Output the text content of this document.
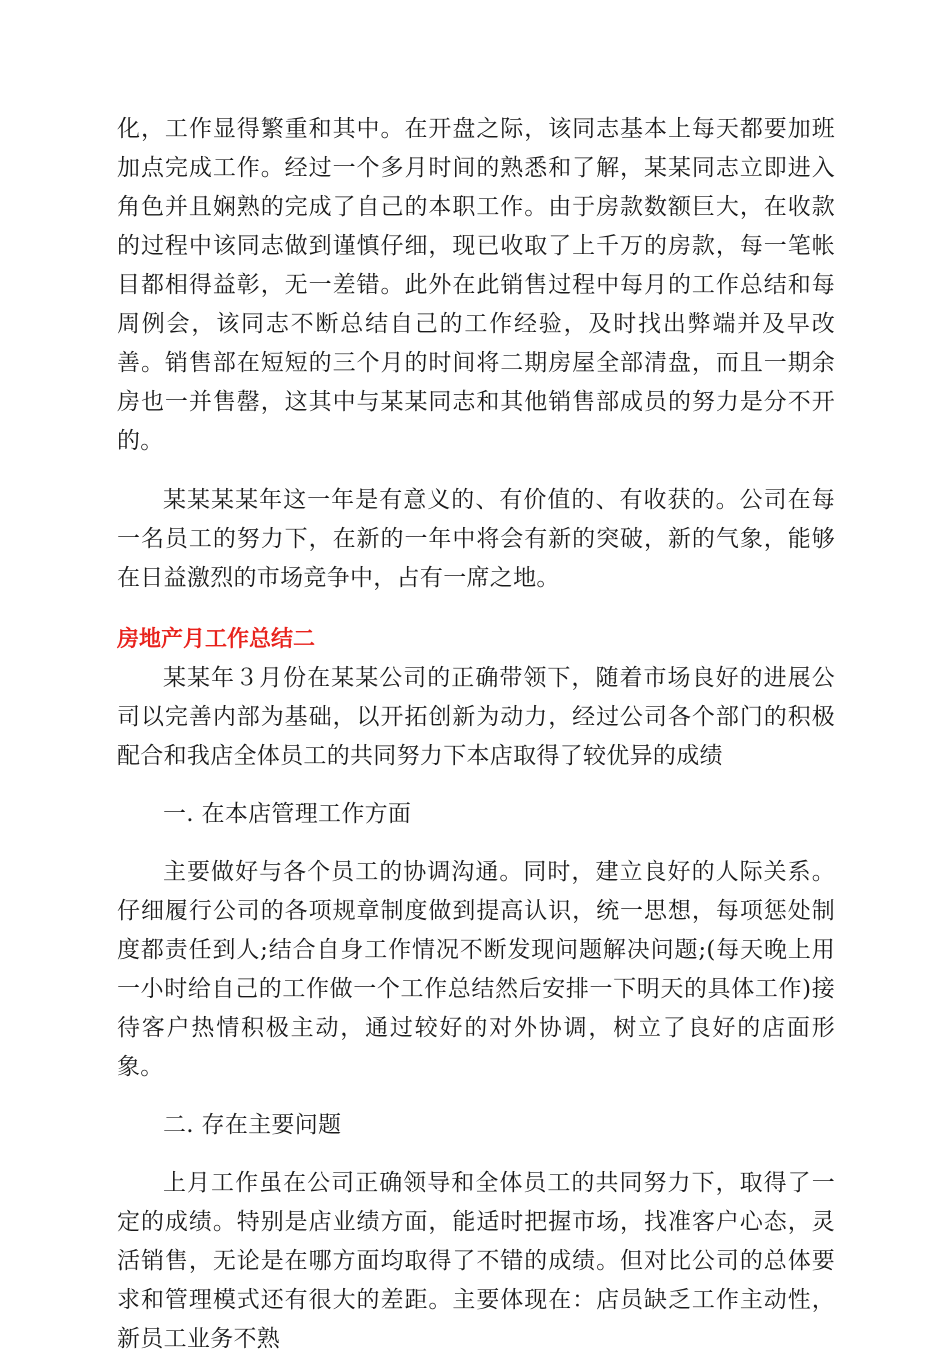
化，工作显得繁重和其中。在开盘之际，该同志基本上每天都要加班加点完成工作。经过一个多月时间的熟悉和了解，某某同志立即进入角色并且娴熟的完成了自己的本职工作。由于房款数额巨大，在收款的过程中该同志做到谨慎仔细，现已收取了上千万的房款，每一笔帐目都相得益彰，无一差错。此外在此销售过程中每月的工作总结和每周例会，该同志不断总结自己的工作经验，及时找出弊端并及早改善。销售部在短短的三个月的时间将二期房屋全部清盘，而且一期余房也一并售罄，这其中与某某同志和其他销售部成员的努力是分不开的。

某某某某年这一年是有意义的、有价值的、有收获的。公司在每一名员工的努力下，在新的一年中将会有新的突破，新的气象，能够在日益激烈的市场竞争中，占有一席之地。

房地产月工作总结二

某某年３月份在某某公司的正确带领下，随着市场良好的进展公司以完善内部为基础，以开拓创新为动力，经过公司各个部门的积极配合和我店全体员工的共同努力下本店取得了较优异的成绩

一. 在本店管理工作方面

主要做好与各个员工的协调沟通。同时，建立良好的人际关系。仔细履行公司的各项规章制度做到提高认识，统一思想，每项惩处制度都责任到人;结合自身工作情况不断发现问题解决问题;(每天晚上用一小时给自己的工作做一个工作总结然后安排一下明天的具体工作)接待客户热情积极主动，通过较好的对外协调，树立了良好的店面形象。

二. 存在主要问题

上月工作虽在公司正确领导和全体员工的共同努力下，取得了一定的成绩。特别是店业绩方面，能适时把握市场，找准客户心态，灵活销售，无论是在哪方面均取得了不错的成绩。但对比公司的总体要求和管理模式还有很大的差距。主要体现在：店员缺乏工作主动性，新员工业务不熟
